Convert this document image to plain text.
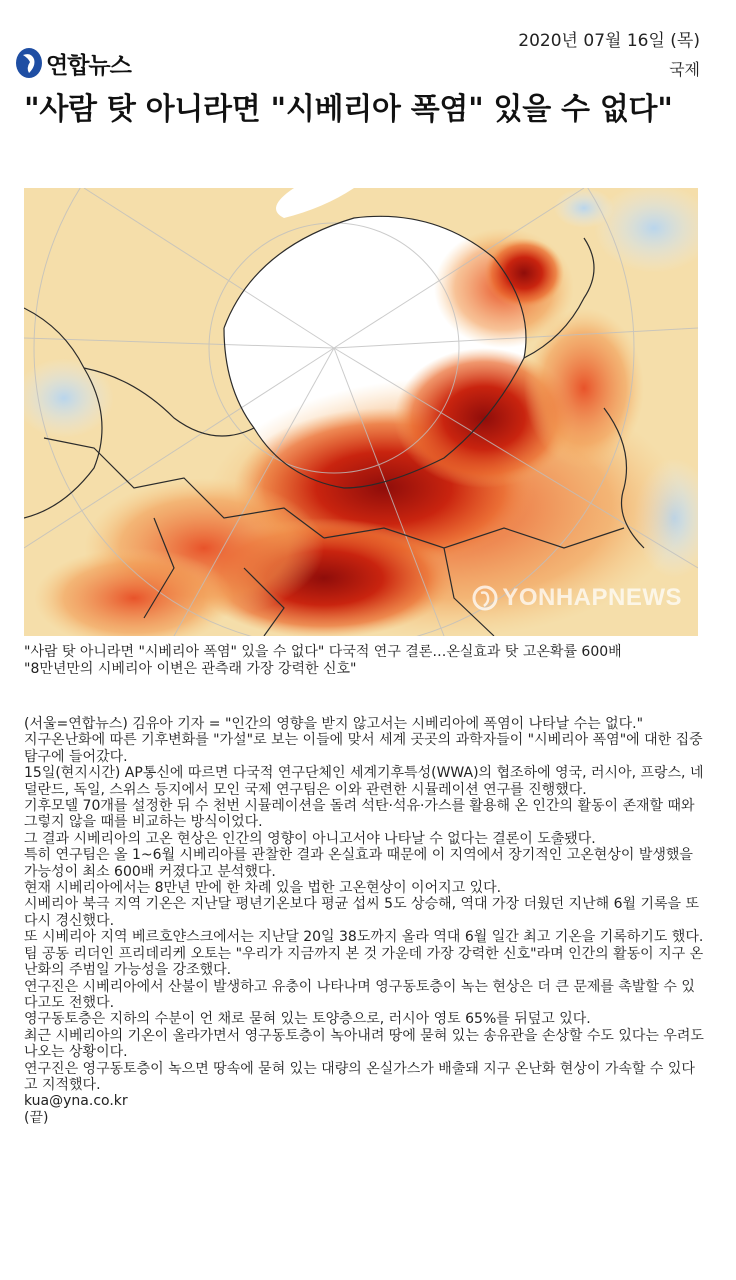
연합뉴스
2020년 07월 16일 (목)
국제
"사람 탓 아니라면 "시베리아 폭염" 있을 수 없다"
YONHAPNEWS

"사람 탓 아니라면 "시베리아 폭염" 있을 수 없다" 다국적 연구 결론…온실효과 탓 고온확률 600배

"8만년만의 시베리아 이변은 관측래 가장 강력한 신호"

(서울=연합뉴스) 김유아 기자 = "인간의 영향을 받지 않고서는 시베리아에 폭염이 나타날 수는 없다."

지구온난화에 따른 기후변화를 "가설"로 보는 이들에 맞서 세계 곳곳의 과학자들이 "시베리아 폭염"에 대한 집중 탐구에 들어갔다.

15일(현지시간) AP통신에 따르면 다국적 연구단체인 세계기후특성(WWA)의 협조하에 영국, 러시아, 프랑스, 네덜란드, 독일, 스위스 등지에서 모인 국제 연구팀은 이와 관련한 시뮬레이션 연구를 진행했다.

기후모델 70개를 설정한 뒤 수 천번 시뮬레이션을 돌려 석탄·석유·가스를 활용해 온 인간의 활동이 존재할 때와 그렇지 않을 때를 비교하는 방식이었다.

그 결과 시베리아의 고온 현상은 인간의 영향이 아니고서야 나타날 수 없다는 결론이 도출됐다.

특히 연구팀은 올 1~6월 시베리아를 관찰한 결과 온실효과 때문에 이 지역에서 장기적인 고온현상이 발생했을 가능성이 최소 600배 커졌다고 분석했다.

현재 시베리아에서는 8만년 만에 한 차례 있을 법한 고온현상이 이어지고 있다.

시베리아 북극 지역 기온은 지난달 평년기온보다 평균 섭씨 5도 상승해, 역대 가장 더웠던 지난해 6월 기록을 또다시 경신했다.

또 시베리아 지역 베르호얀스크에서는 지난달 20일 38도까지 올라 역대 6월 일간 최고 기온을 기록하기도 했다.

팀 공동 리더인 프리데리케 오토는 "우리가 지금까지 본 것 가운데 가장 강력한 신호"라며 인간의 활동이 지구 온난화의 주범일 가능성을 강조했다.

연구진은 시베리아에서 산불이 발생하고 유충이 나타나며 영구동토층이 녹는 현상은 더 큰 문제를 촉발할 수 있다고도 전했다.

영구동토층은 지하의 수분이 언 채로 묻혀 있는 토양층으로, 러시아 영토 65%를 뒤덮고 있다.

최근 시베리아의 기온이 올라가면서 영구동토층이 녹아내려 땅에 묻혀 있는 송유관을 손상할 수도 있다는 우려도 나오는 상황이다.

연구진은 영구동토층이 녹으면 땅속에 묻혀 있는 대량의 온실가스가 배출돼 지구 온난화 현상이 가속할 수 있다고 지적했다.

kua@yna.co.kr

(끝)
